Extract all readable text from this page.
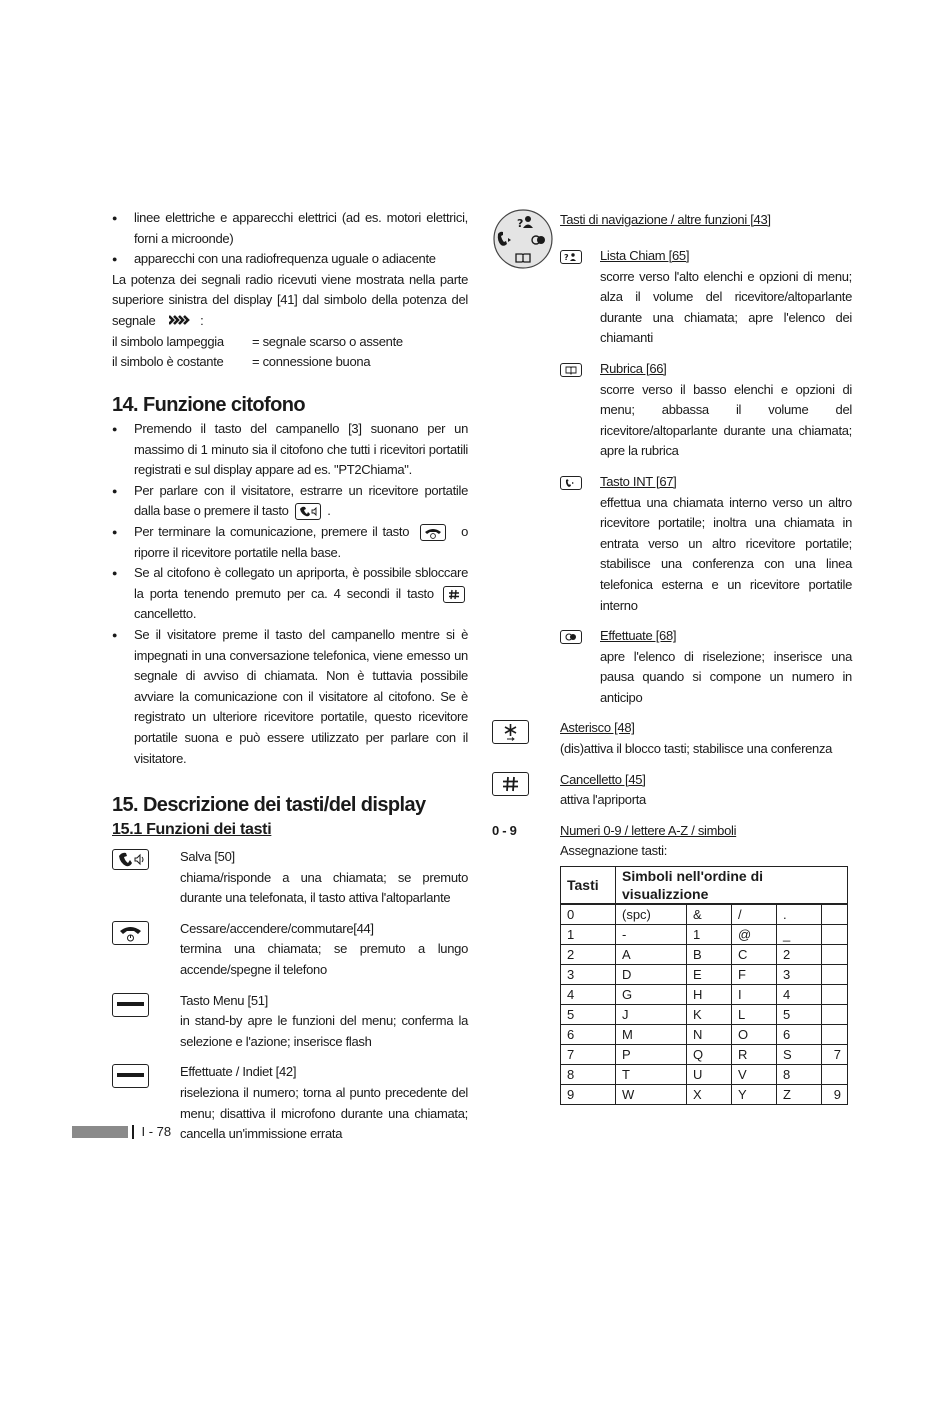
● linee elettriche e apparecchi elettrici (ad es. motori elettrici, forni a microonde)
● apparecchi con una radiofrequenza uguale o adiacente
La potenza dei segnali radio ricevuti viene mostrata nella parte superiore sinistra del display [41] dal simbolo della potenza del segnale	:
il simbolo lampeggia	= segnale scarso o assente
il simbolo è costante	= connessione buona
14. Funzione citofono
● Premendo il tasto del campanello [3] suonano per un massimo di 1 minuto sia il citofono che tutti i ricevitori portatili registrati e sul display appare ad es. "PT2Chiama".
● Per parlare con il visitatore, estrarre un ricevitore portatile dalla base o premere il tasto	.
● Per terminare la comunicazione, premere il tasto	o riporre il ricevitore portatile nella base.
● Se al citofono è collegato un apriporta, è possibile sbloccare la porta tenendo premuto per ca. 4 secondi il tasto
cancelletto.
● Se il visitatore preme il tasto del campanello mentre si è impegnati in una conversazione telefonica, viene emesso un segnale di avviso di chiamata. Non è tuttavia possibile avviare la comunicazione con il visitatore al citofono. Se è registrato un ulteriore ricevitore portatile, questo ricevitore portatile suona e può essere utilizzato per parlare con il visitatore.
15. Descrizione dei tasti/del display
15.1 Funzioni dei tasti
Salva [50]
chiama/risponde a una chiamata; se premuto durante una telefonata, il tasto attiva l'altoparlante
Cessare/accendere/commutare[44]
termina una chiamata; se premuto a lungo accende/spegne il telefono
Tasto Menu [51]
in stand-by apre le funzioni del menu; conferma la selezione e l'azione; inserisce flash
Effettuate / Indiet [42]
riseleziona il numero; torna al punto precedente del menu; disattiva il microfono durante una chiamata; cancella un'immissione errata
?	Tasti di navigazione / altre funzioni [43]
? Lista Chiam [65]
scorre verso l'alto elenchi e opzioni di menu; alza il volume del ricevitore/altoparlante durante una chiamata; apre l'elenco dei chiamanti
Rubrica [66]
scorre verso il basso elenchi e opzioni di menu; abbassa il volume del ricevitore/altoparlante durante una chiamata; apre la rubrica
Tasto INT [67]
effettua una chiamata interno verso un altro ricevitore portatile; inoltra una chiamata in entrata verso un altro ricevitore portatile; stabilisce una conferenza con una linea telefonica esterna e un ricevitore portatile interno
Effettuate [68]
apre l'elenco di riselezione; inserisce una pausa quando si compone un numero in anticipo
Asterisco [48]
(dis)attiva il blocco tasti; stabilisce una conferenza
Cancelletto [45]
attiva l'apriporta
0 - 9	Numeri 0-9 / lettere A-Z / simboli
Assegnazione tasti:
Tasti	Simboli nell'ordine di visualizzione				
0	(spc)	&	/	.	
1	-	1	@	_	
2	A	B	C	2	
3	D	E	F	3	
4	G	H	I	4	
5	J	K	L	5	
6	M	N	O	6	
7	P	Q	R	S	7
8	T	U	V	8	
9	W	X	Y	Z	9
I - 78
